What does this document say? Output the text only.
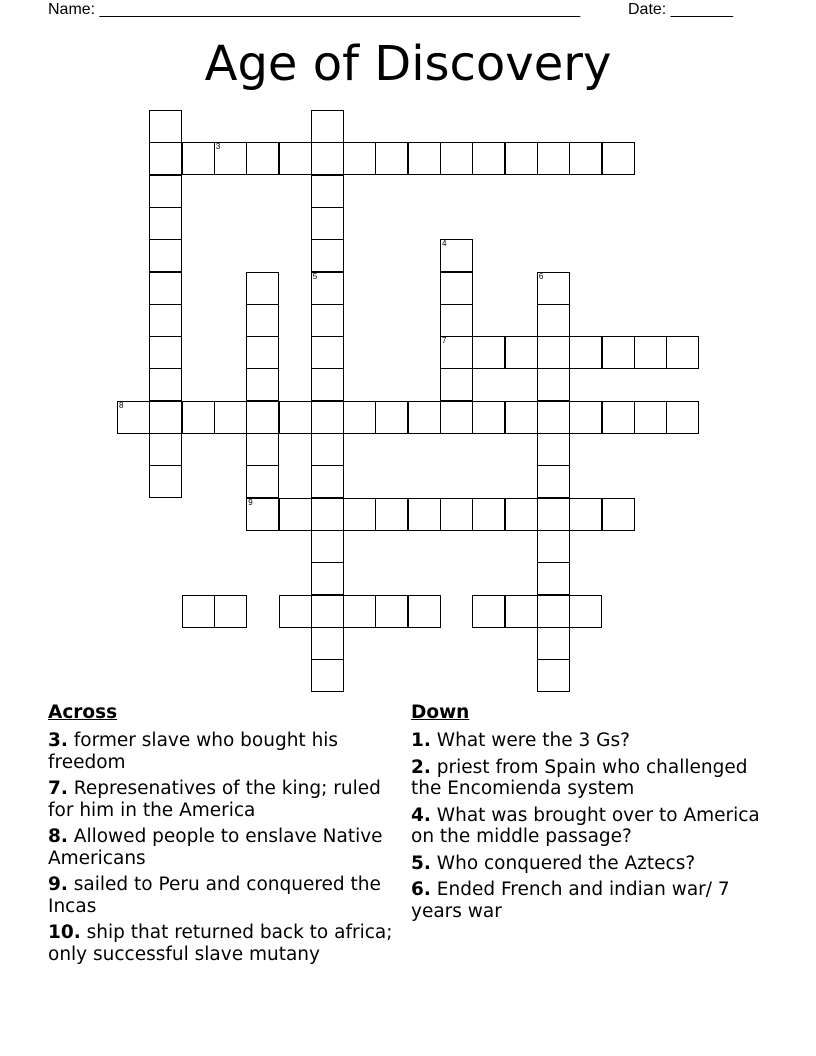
Name: ______________________________________________________	Date: _______
Age of Discovery
5
3
4
7
6
8
9
Across
3. former slave who bought his freedom
7. Represenatives of the king; ruled for him in the America
8. Allowed people to enslave Native Americans
9. sailed to Peru and conquered the Incas
10. ship that returned back to africa; only successful slave mutany
Down
1. What were the 3 Gs?
2. priest from Spain who challenged the Encomienda system
4. What was brought over to America on the middle passage?
5. Who conquered the Aztecs?
6. Ended French and indian war/ 7 years war
